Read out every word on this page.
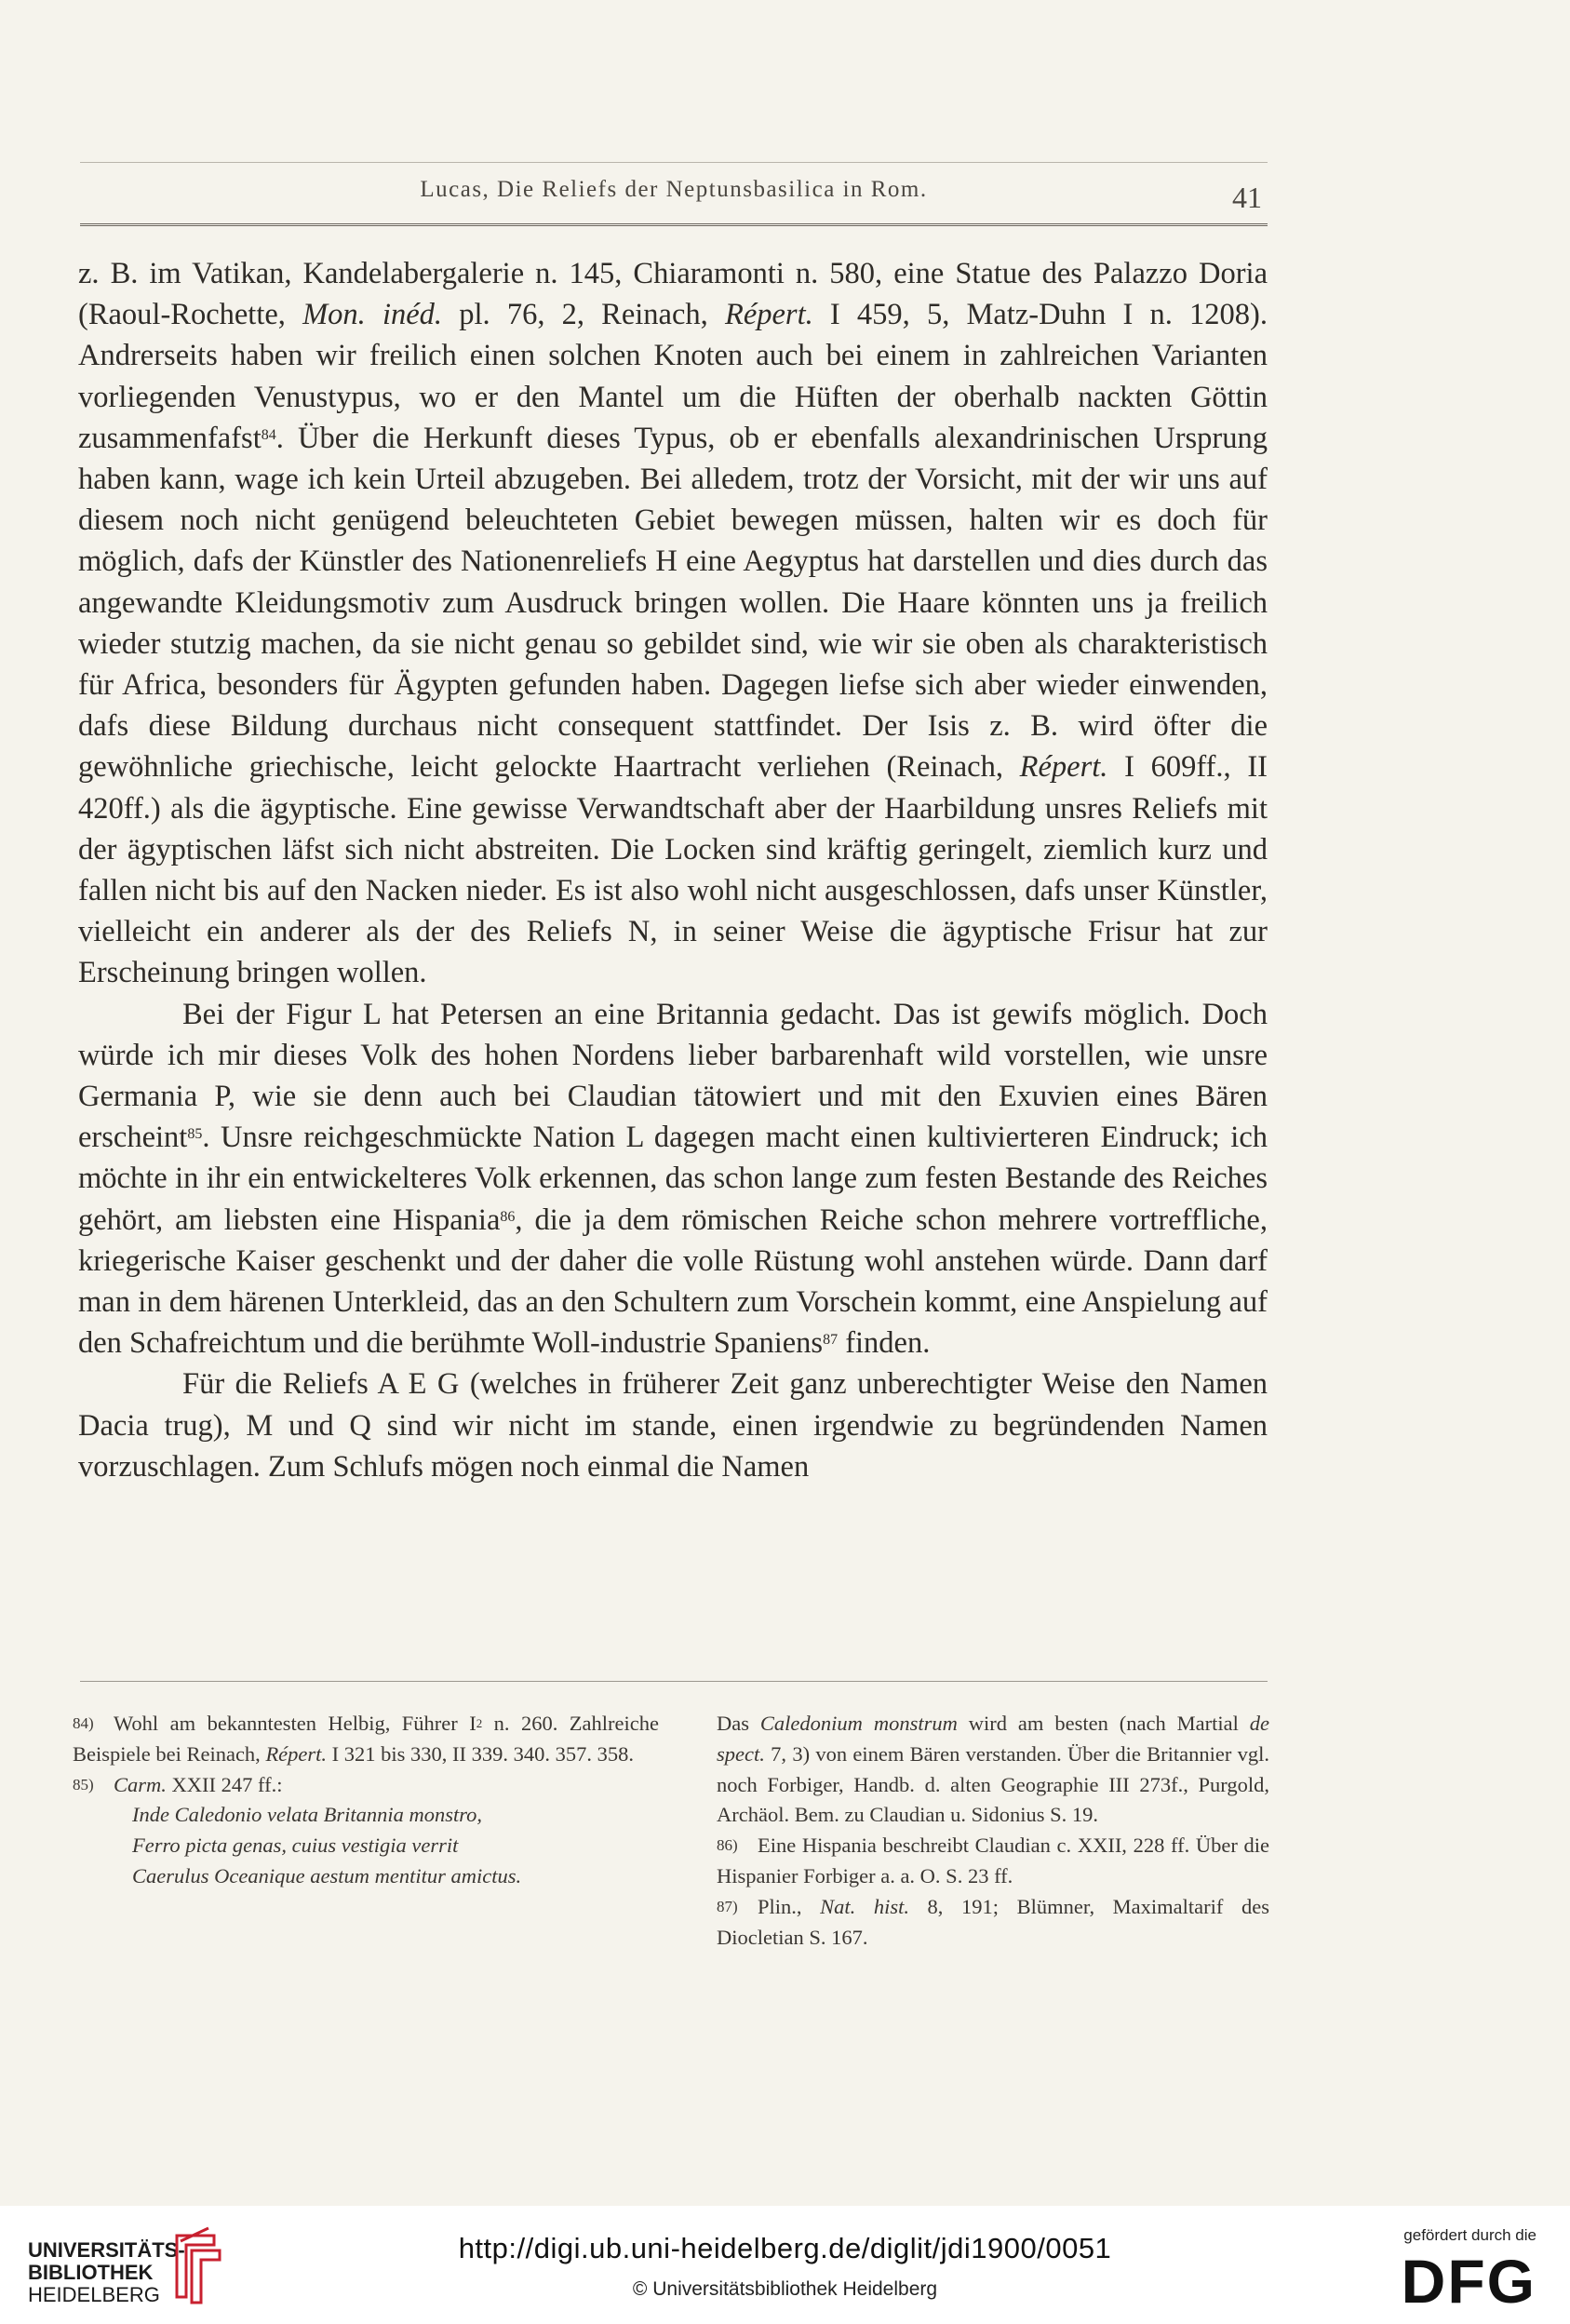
Lucas, Die Reliefs der Neptunsbasilica in Rom.	41

z. B. im Vatikan, Kandelabergalerie n. 145, Chiaramonti n. 580, eine Statue des Palazzo Doria (Raoul-Rochette, Mon. inéd. pl. 76, 2, Reinach, Répert. I 459, 5, Matz-Duhn I n. 1208). Andrerseits haben wir freilich einen solchen Knoten auch bei einem in zahlreichen Varianten vorliegenden Venustypus, wo er den Mantel um die Hüften der oberhalb nackten Göttin zusammenfafst$^{84}$. Über die Herkunft dieses Typus, ob er ebenfalls alexandrinischen Ursprung haben kann, wage ich kein Urteil abzugeben. Bei alledem, trotz der Vorsicht, mit der wir uns auf diesem noch nicht genügend beleuchteten Gebiet bewegen müssen, halten wir es doch für möglich, dafs der Künstler des Nationenreliefs H eine Aegyptus hat darstellen und dies durch das angewandte Kleidungsmotiv zum Ausdruck bringen wollen. Die Haare könnten uns ja freilich wieder stutzig machen, da sie nicht genau so gebildet sind, wie wir sie oben als charakteristisch für Africa, besonders für Ägypten gefunden haben. Dagegen liefse sich aber wieder einwenden, dafs diese Bildung durchaus nicht consequent stattfindet. Der Isis z. B. wird öfter die gewöhnliche griechische, leicht gelockte Haartracht verliehen (Reinach, Répert. I 609ff., II 420ff.) als die ägyptische. Eine gewisse Verwandtschaft aber der Haarbildung unsres Reliefs mit der ägyptischen läfst sich nicht abstreiten. Die Locken sind kräftig geringelt, ziemlich kurz und fallen nicht bis auf den Nacken nieder. Es ist also wohl nicht ausgeschlossen, dafs unser Künstler, vielleicht ein anderer als der des Reliefs N, in seiner Weise die ägyptische Frisur hat zur Erscheinung bringen wollen.

Bei der Figur L hat Petersen an eine Britannia gedacht. Das ist gewifs möglich. Doch würde ich mir dieses Volk des hohen Nordens lieber barbarenhaft wild vorstellen, wie unsre Germania P, wie sie denn auch bei Claudian tätowiert und mit den Exuvien eines Bären erscheint$^{85}$. Unsre reichgeschmückte Nation L dagegen macht einen kultivierteren Eindruck; ich möchte in ihr ein entwickelteres Volk erkennen, das schon lange zum festen Bestande des Reiches gehört, am liebsten eine Hispania$^{86}$, die ja dem römischen Reiche schon mehrere vortreffliche, kriegerische Kaiser geschenkt und der daher die volle Rüstung wohl anstehen würde. Dann darf man in dem härenen Unterkleid, das an den Schultern zum Vorschein kommt, eine Anspielung auf den Schafreichtum und die berühmte Woll-industrie Spaniens$^{87}$ finden.

Für die Reliefs A E G (welches in früherer Zeit ganz unberechtigter Weise den Namen Dacia trug), M und Q sind wir nicht im stande, einen irgendwie zu begründenden Namen vorzuschlagen. Zum Schlufs mögen noch einmal die Namen

84) Wohl am bekanntesten Helbig, Führer $I^2$ n. 260. Zahlreiche Beispiele bei Reinach, Répert. I 321 bis 330, II 339. 340. 357. 358.
85) Carm. XXII 247 ff.:
Inde Caledonio velata Britannia monstro,
Ferro picta genas, cuius vestigia verrit
Caerulus Oceanique aestum mentitur amictus.
Das Caledonium monstrum wird am besten (nach Martial de spect. 7, 3) von einem Bären verstanden. Über die Britannier vgl. noch Forbiger, Handb. d. alten Geographie III 273f., Purgold, Archäol. Bem. zu Claudian u. Sidonius S. 19.
86) Eine Hispania beschreibt Claudian c. XXII, 228 ff. Über die Hispanier Forbiger a. a. O. S. 23 ff.
87) Plin., Nat. hist. 8, 191; Blümner, Maximaltarif des Diocletian S. 167.
UNIVERSITÄTS-
BIBLIOTHEK
HEIDELBERG
http://digi.ub.uni-heidelberg.de/diglit/jdi1900/0051
© Universitätsbibliothek Heidelberg
gefördert durch die
DFG
